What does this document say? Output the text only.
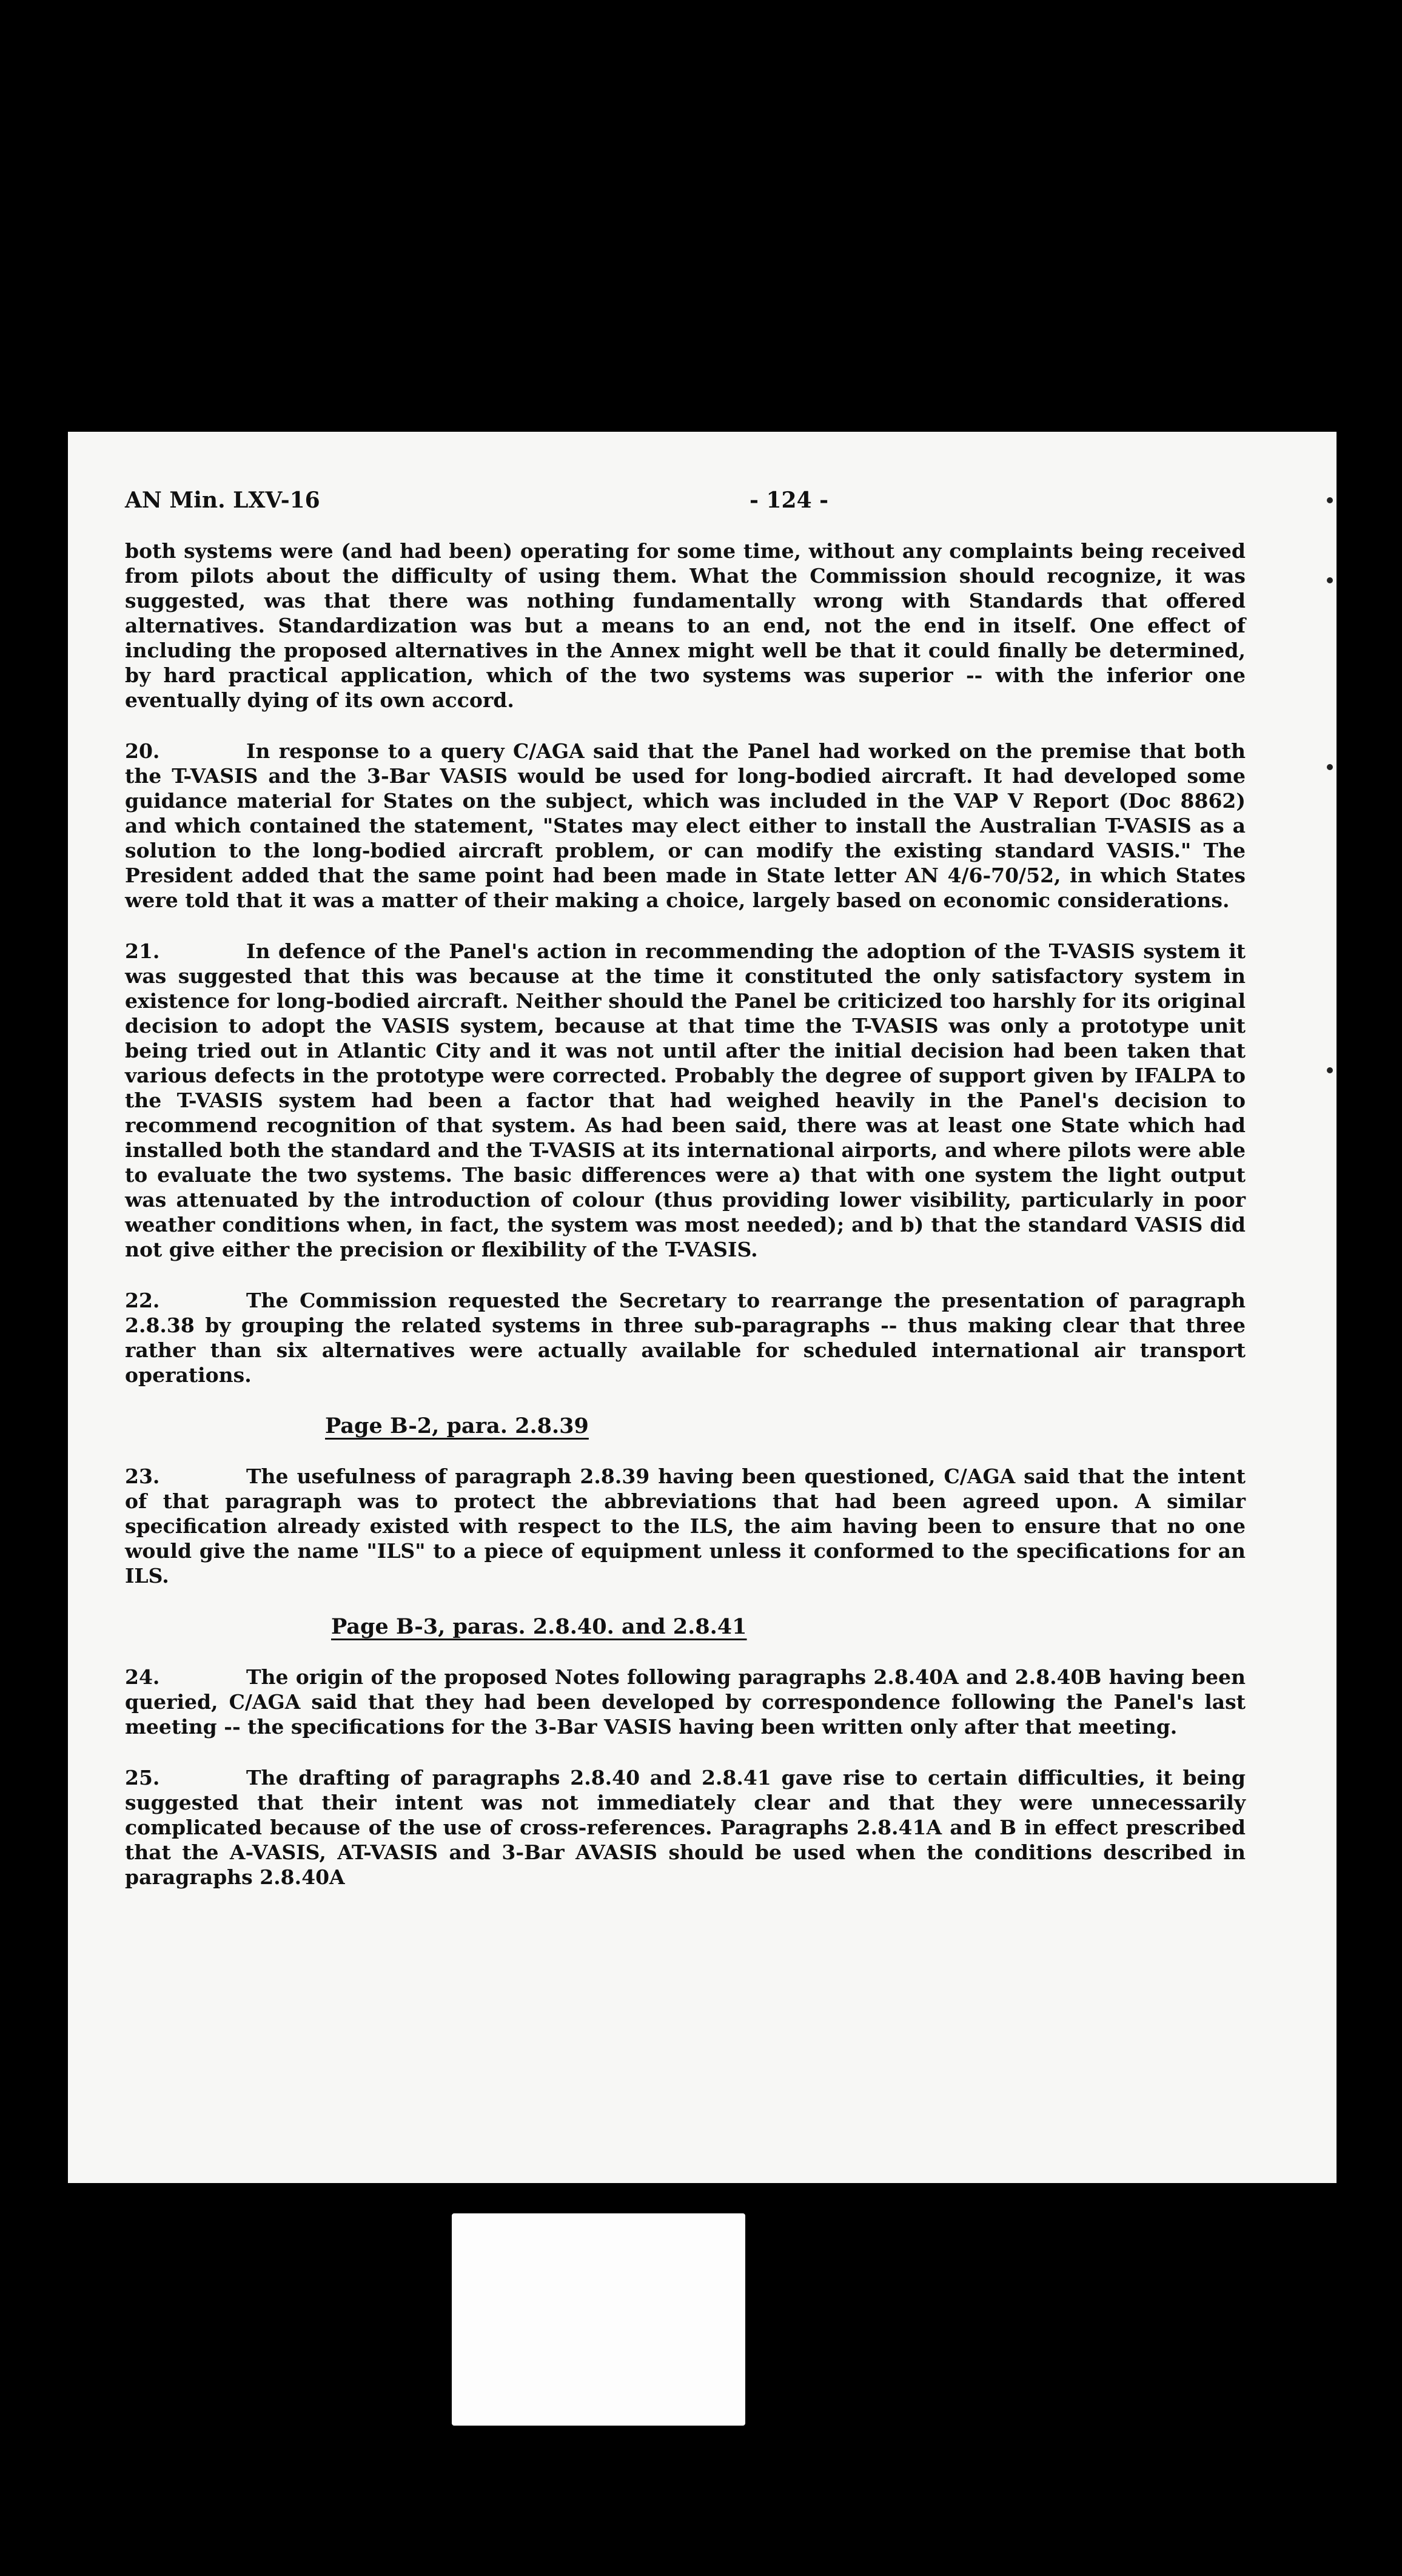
AN Min. LXV-16	- 124 -

both systems were (and had been) operating for some time, without any complaints being received from pilots about the difficulty of using them. What the Commission should recognize, it was suggested, was that there was nothing fundamentally wrong with Standards that offered alternatives. Standardization was but a means to an end, not the end in itself. One effect of including the proposed alternatives in the Annex might well be that it could finally be determined, by hard practical application, which of the two systems was superior -- with the inferior one eventually dying of its own accord.

20.	In response to a query C/AGA said that the Panel had worked on the premise that both the T-VASIS and the 3-Bar VASIS would be used for long-bodied aircraft. It had developed some guidance material for States on the subject, which was included in the VAP V Report (Doc 8862) and which contained the statement, "States may elect either to install the Australian T-VASIS as a solution to the long-bodied aircraft problem, or can modify the existing standard VASIS." The President added that the same point had been made in State letter AN 4/6-70/52, in which States were told that it was a matter of their making a choice, largely based on economic considerations.

21.	In defence of the Panel's action in recommending the adoption of the T-VASIS system it was suggested that this was because at the time it constituted the only satisfactory system in existence for long-bodied aircraft. Neither should the Panel be criticized too harshly for its original decision to adopt the VASIS system, because at that time the T-VASIS was only a prototype unit being tried out in Atlantic City and it was not until after the initial decision had been taken that various defects in the prototype were corrected. Probably the degree of support given by IFALPA to the T-VASIS system had been a factor that had weighed heavily in the Panel's decision to recommend recognition of that system. As had been said, there was at least one State which had installed both the standard and the T-VASIS at its international airports, and where pilots were able to evaluate the two systems. The basic differences were a) that with one system the light output was attenuated by the introduction of colour (thus providing lower visibility, particularly in poor weather conditions when, in fact, the system was most needed); and b) that the standard VASIS did not give either the precision or flexibility of the T-VASIS.

22.	The Commission requested the Secretary to rearrange the presentation of paragraph 2.8.38 by grouping the related systems in three sub-paragraphs -- thus making clear that three rather than six alternatives were actually available for scheduled international air transport operations.

Page B-2, para. 2.8.39

23.	The usefulness of paragraph 2.8.39 having been questioned, C/AGA said that the intent of that paragraph was to protect the abbreviations that had been agreed upon. A similar specification already existed with respect to the ILS, the aim having been to ensure that no one would give the name "ILS" to a piece of equipment unless it conformed to the specifications for an ILS.

Page B-3, paras. 2.8.40. and 2.8.41

24.	The origin of the proposed Notes following paragraphs 2.8.40A and 2.8.40B having been queried, C/AGA said that they had been developed by correspondence following the Panel's last meeting -- the specifications for the 3-Bar VASIS having been written only after that meeting.

25.	The drafting of paragraphs 2.8.40 and 2.8.41 gave rise to certain difficulties, it being suggested that their intent was not immediately clear and that they were unnecessarily complicated because of the use of cross-references. Paragraphs 2.8.41A and B in effect prescribed that the A-VASIS, AT-VASIS and 3-Bar AVASIS should be used when the conditions described in paragraphs 2.8.40A
